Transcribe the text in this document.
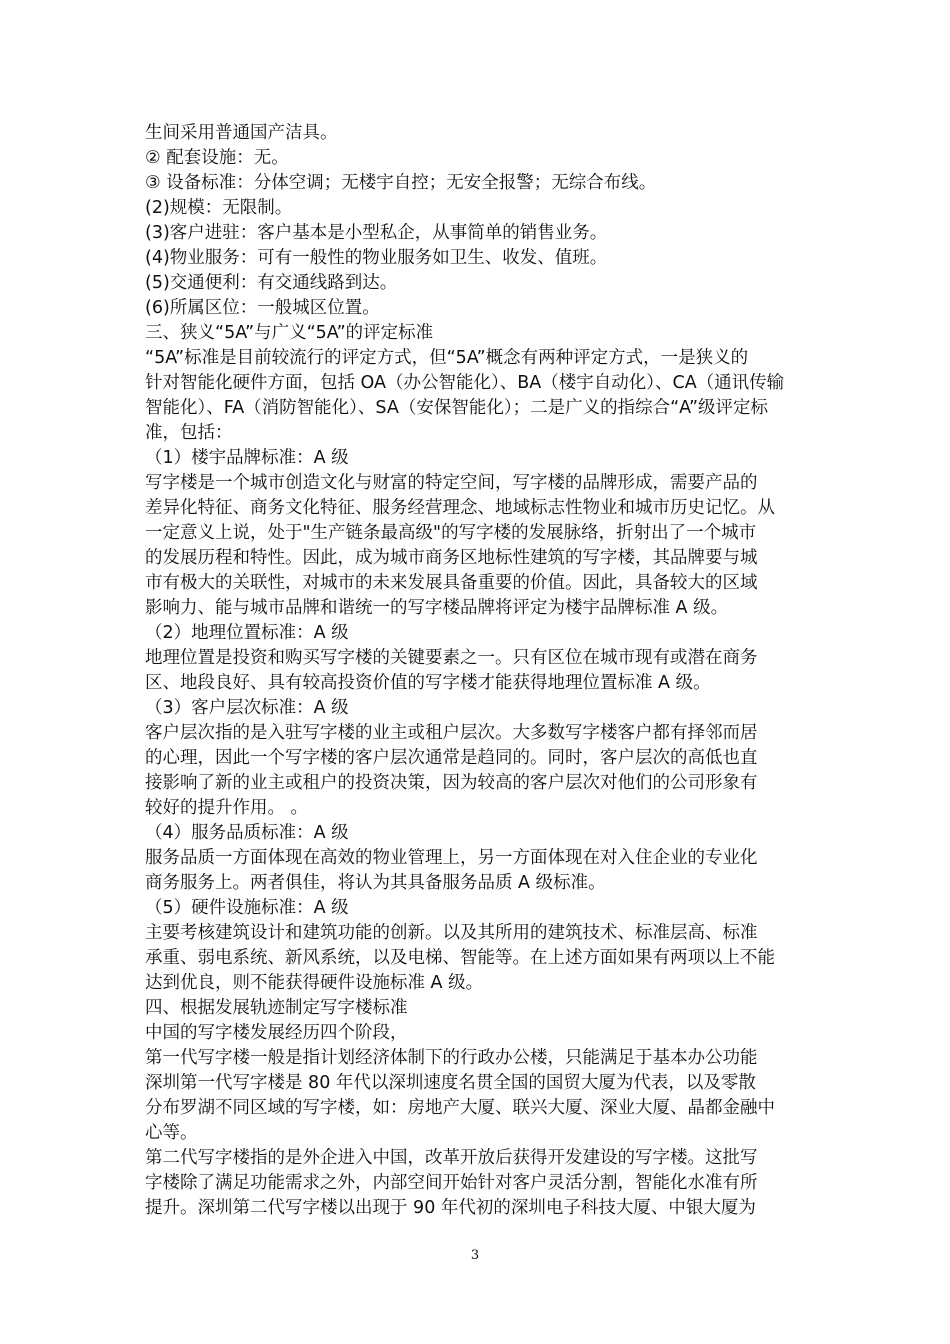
生间采用普通国产洁具。

② 配套设施：无。

③ 设备标准：分体空调；无楼宇自控；无安全报警；无综合布线。

(2)规模：无限制。

(3)客户进驻：客户基本是小型私企，从事简单的销售业务。

(4)物业服务：可有一般性的物业服务如卫生、收发、值班。

(5)交通便利：有交通线路到达。

(6)所属区位：一般城区位置。

三、狭义“5A”与广义“5A”的评定标准

“5A”标准是目前较流行的评定方式，但“5A”概念有两种评定方式，一是狭义的

针对智能化硬件方面，包括 OA（办公智能化）、BA（楼宇自动化）、CA（通讯传输

智能化）、FA（消防智能化）、SA（安保智能化）；二是广义的指综合“A”级评定标

准，包括：

（1）楼宇品牌标准：A 级

写字楼是一个城市创造文化与财富的特定空间，写字楼的品牌形成，需要产品的

差异化特征、商务文化特征、服务经营理念、地域标志性物业和城市历史记忆。从

一定意义上说，处于"生产链条最高级"的写字楼的发展脉络，折射出了一个城市

的发展历程和特性。因此，成为城市商务区地标性建筑的写字楼，其品牌要与城

市有极大的关联性，对城市的未来发展具备重要的价值。因此，具备较大的区域

影响力、能与城市品牌和谐统一的写字楼品牌将评定为楼宇品牌标准 A 级。

（2）地理位置标准：A 级

地理位置是投资和购买写字楼的关键要素之一。只有区位在城市现有或潜在商务

区、地段良好、具有较高投资价值的写字楼才能获得地理位置标准 A 级。

（3）客户层次标准：A 级

客户层次指的是入驻写字楼的业主或租户层次。大多数写字楼客户都有择邻而居

的心理，因此一个写字楼的客户层次通常是趋同的。同时，客户层次的高低也直

接影响了新的业主或租户的投资决策，因为较高的客户层次对他们的公司形象有

较好的提升作用。 。

（4）服务品质标准：A 级

服务品质一方面体现在高效的物业管理上，另一方面体现在对入住企业的专业化

商务服务上。两者俱佳，将认为其具备服务品质 A 级标准。

（5）硬件设施标准：A 级

主要考核建筑设计和建筑功能的创新。以及其所用的建筑技术、标准层高、标准

承重、弱电系统、新风系统，以及电梯、智能等。在上述方面如果有两项以上不能

达到优良，则不能获得硬件设施标准 A 级。

四、根据发展轨迹制定写字楼标准

中国的写字楼发展经历四个阶段，

第一代写字楼一般是指计划经济体制下的行政办公楼，只能满足于基本办公功能

深圳第一代写字楼是 80 年代以深圳速度名贯全国的国贸大厦为代表，以及零散

分布罗湖不同区域的写字楼，如：房地产大厦、联兴大厦、深业大厦、晶都金融中

心等。

第二代写字楼指的是外企进入中国，改革开放后获得开发建设的写字楼。这批写

字楼除了满足功能需求之外，内部空间开始针对客户灵活分割，智能化水准有所

提升。深圳第二代写字楼以出现于 90 年代初的深圳电子科技大厦、中银大厦为

3
